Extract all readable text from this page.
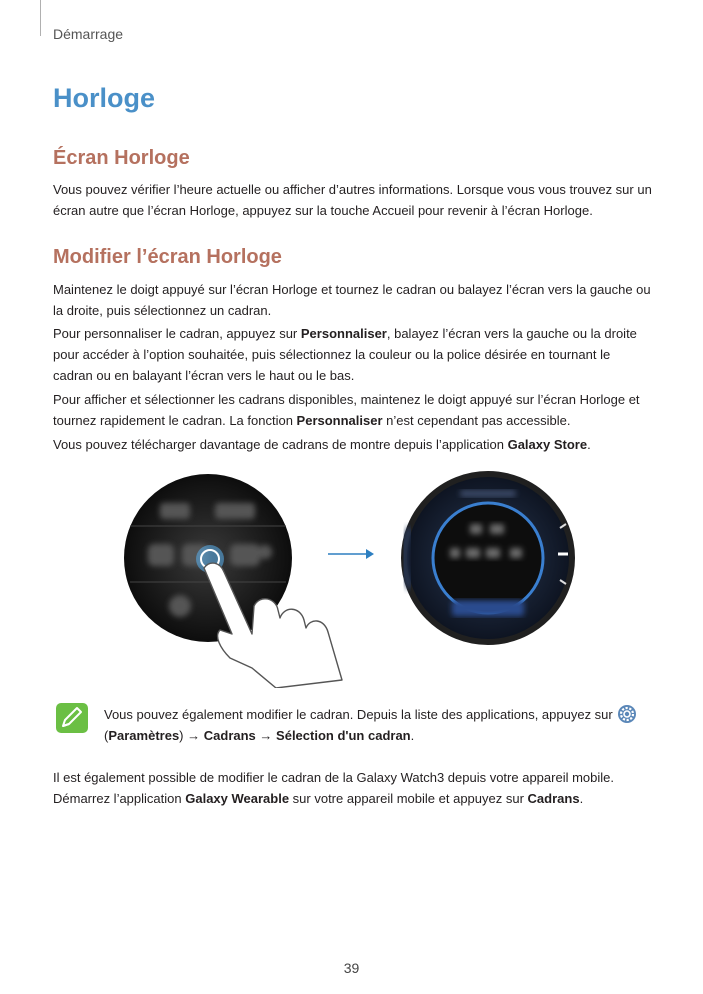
Démarrage
Horloge
Écran Horloge

Vous pouvez vérifier l’heure actuelle ou afficher d’autres informations. Lorsque vous vous trouvez sur un écran autre que l’écran Horloge, appuyez sur la touche Accueil pour revenir à l’écran Horloge.

Modifier l’écran Horloge

Maintenez le doigt appuyé sur l’écran Horloge et tournez le cadran ou balayez l’écran vers la gauche ou la droite, puis sélectionnez un cadran.

Pour personnaliser le cadran, appuyez sur Personnaliser, balayez l’écran vers la gauche ou la droite pour accéder à l’option souhaitée, puis sélectionnez la couleur ou la police désirée en tournant le cadran ou en balayant l’écran vers le haut ou le bas.

Pour afficher et sélectionner les cadrans disponibles, maintenez le doigt appuyé sur l’écran Horloge et tournez rapidement le cadran. La fonction Personnaliser n’est cependant pas accessible.

Vous pouvez télécharger davantage de cadrans de montre depuis l’application Galaxy Store.

Vous pouvez également modifier le cadran. Depuis la liste des applications, appuyez sur
(Paramètres) → Cadrans → Sélection d'un cadran.

Il est également possible de modifier le cadran de la Galaxy Watch3 depuis votre appareil mobile.
Démarrez l’application Galaxy Wearable sur votre appareil mobile et appuyez sur Cadrans.

39
